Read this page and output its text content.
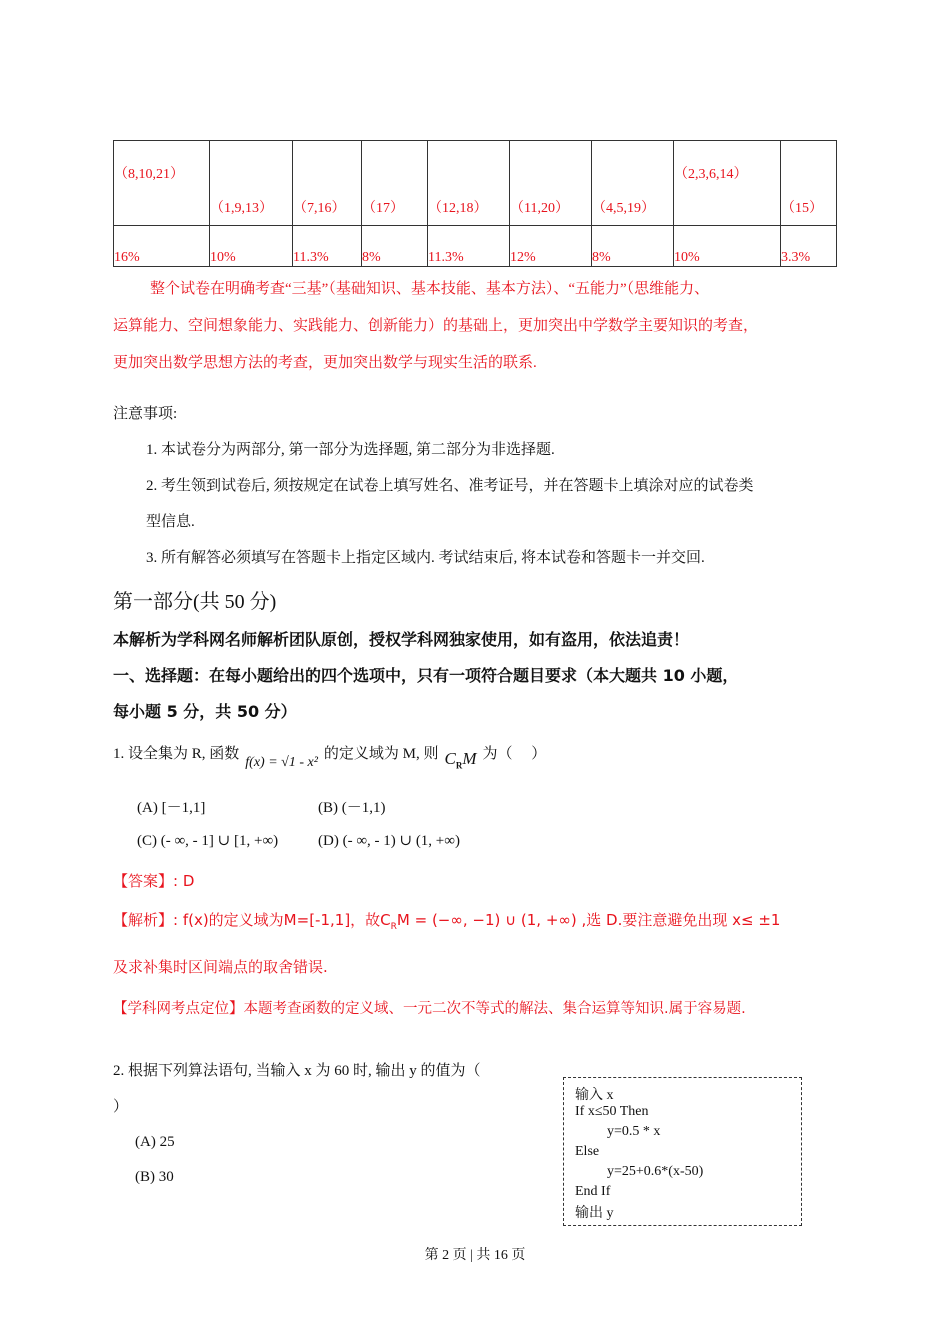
（8,10,21）	（1,9,13）	（7,16）	（17）	（12,18）	（11,20）	（4,5,19）	（2,3,6,14）	（15）
16%	10%	11.3%	8%	11.3%	12%	8%	10%	3.3%
整个试卷在明确考查“三基”（基础知识、基本技能、基本方法）、“五能力”（思维能力、
运算能力、空间想象能力、实践能力、创新能力）的基础上，更加突出中学数学主要知识的考查，
更加突出数学思想方法的考查，更加突出数学与现实生活的联系.
注意事项:
1. 本试卷分为两部分, 第一部分为选择题, 第二部分为非选择题.
2. 考生领到试卷后, 须按规定在试卷上填写姓名、准考证号，并在答题卡上填涂对应的试卷类
型信息.
3. 所有解答必须填写在答题卡上指定区域内. 考试结束后, 将本试卷和答题卡一并交回.
第一部分(共 50 分)
本解析为学科网名师解析团队原创，授权学科网独家使用，如有盗用，依法追责！
一、选择题：在每小题给出的四个选项中，只有一项符合题目要求（本大题共 10 小题，
每小题 5 分，共 50 分）
1. 设全集为 R, 函数
f(x) = √1 - x²
的定义域为 M, 则 $C_RM$ 为（　 ）
(A) [－1,1]	(B) (－1,1)
(C) (- ∞, - 1] ∪ [1, +∞)	(D) (- ∞, - 1) ∪ (1, +∞)
【答案】: D
【解析】: f(x)的定义域为M=[-1,1]，故$C_RM$ = (−∞, −1) ∪ (1, +∞) ,选 D.要注意避免出现 x≤ ±1
及求补集时区间端点的取舍错误.
【学科网考点定位】本题考查函数的定义域、一元二次不等式的解法、集合运算等知识.属于容易题.
2. 根据下列算法语句, 当输入 x 为 60 时, 输出 y 的值为（
）
(A) 25
(B) 30
输入 x
If x≤50 Then
y=0.5 * x
Else
y=25+0.6*(x-50)
End If
输出 y
第 2 页 | 共 16 页
